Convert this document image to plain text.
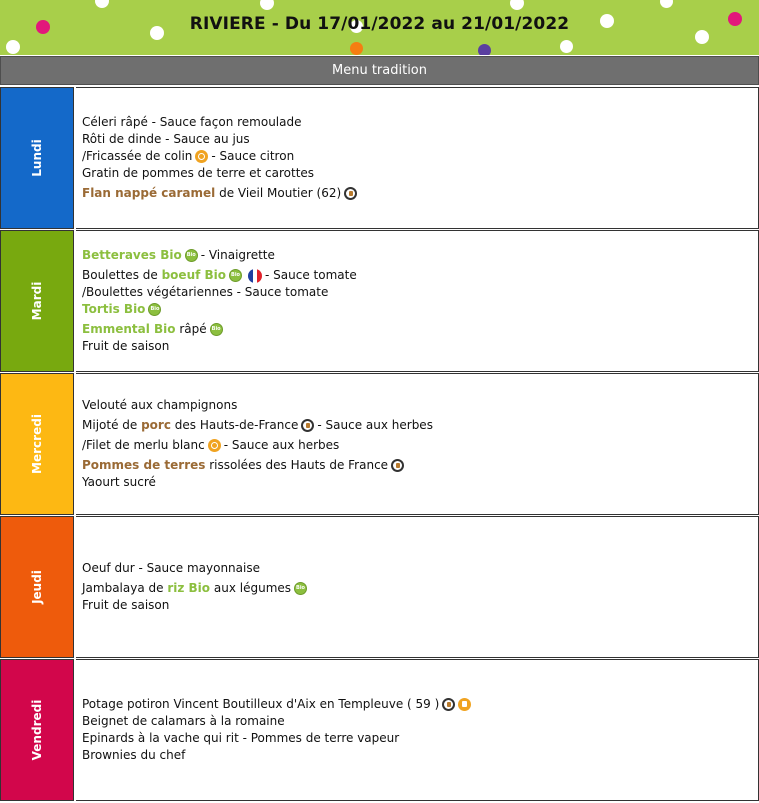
RIVIERE - Du 17/01/2022 au 21/01/2022
Menu tradition
Lundi
Céleri râpé - Sauce façon remoulade
Rôti de dinde - Sauce au jus
/Fricassée de colin - Sauce citron
Gratin de pommes de terre et carottes
Flan nappé caramel
de Vieil Moutier (62)
Mardi
Betteraves Bio Bio - Vinaigrette
Boulettes de
boeuf Bio Bio	- Sauce tomate
/Boulettes végétariennes - Sauce tomate
Tortis Bio
Bio
Emmental Bio
râpé
Bio
Fruit de saison
Mercredi
Velouté aux champignons
Mijoté de
porc
des Hauts-de-France - Sauce aux herbes
/Filet de merlu blanc - Sauce aux herbes
Pommes de terres
rissolées des Hauts de France
Yaourt sucré
Jeudi
Oeuf dur - Sauce mayonnaise
Jambalaya de
riz Bio
aux légumes
Bio
Fruit de saison
Vendredi	Potage potiron Vincent Boutilleux d'Aix en Templeuve ( 59 )
Beignet de calamars à la romaine
Epinards à la vache qui rit - Pommes de terre vapeur
Brownies du chef
